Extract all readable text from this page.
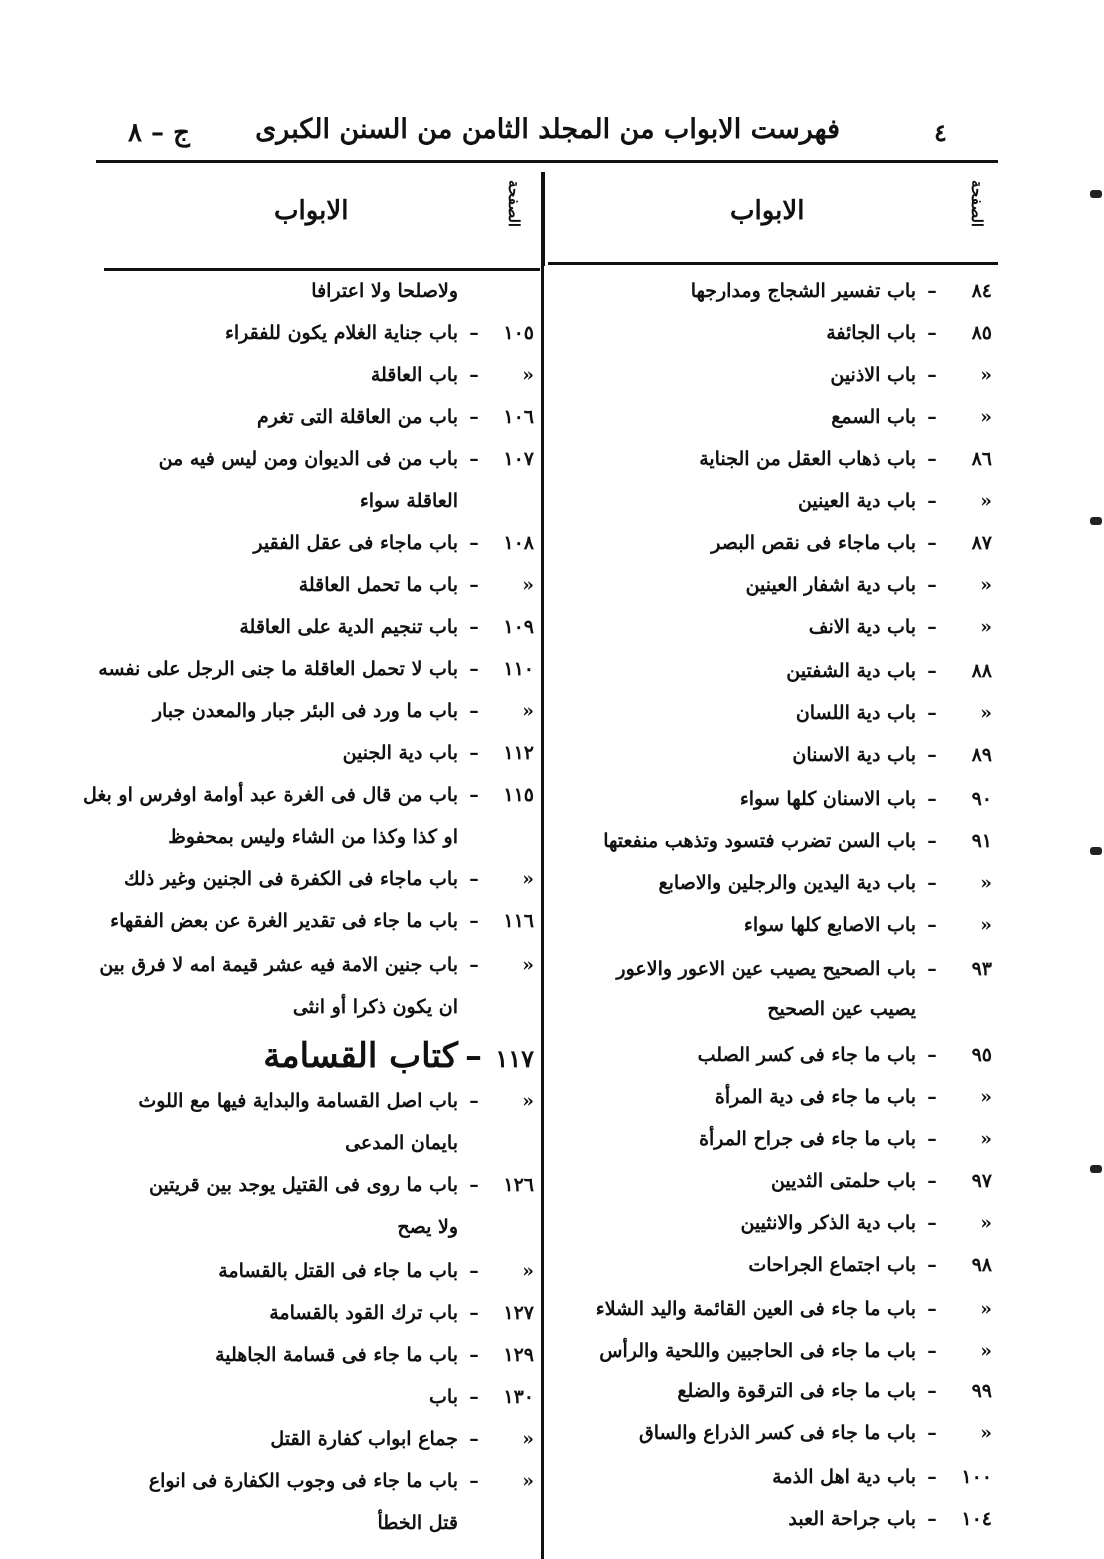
٤
فهرست الابواب من المجلد الثامن من السنن الكبرى
ج – ٨
الصفحة
الابواب
الصفحة
الابواب
٨٤
–
باب تفسير الشجاج ومدارجها
٨٥
–
باب الجائفة
«
–
باب الاذنين
«
–
باب السمع
٨٦
–
باب ذهاب العقل من الجناية
«
–
باب دية العينين
٨٧
–
باب ماجاء فى نقص البصر
«
–
باب دية اشفار العينين
«
–
باب دية الانف
٨٨
–
باب دية الشفتين
«
–
باب دية اللسان
٨٩
–
باب دية الاسنان
٩٠
–
باب الاسنان كلها سواء
٩١
–
باب السن تضرب فتسود وتذهب منفعتها
«
–
باب دية اليدين والرجلين والاصابع
«
–
باب الاصابع كلها سواء
٩٣
–
باب الصحيح يصيب عين الاعور والاعور
يصيب عين الصحيح
٩٥
–
باب ما جاء فى كسر الصلب
«
–
باب ما جاء فى دية المرأة
«
–
باب ما جاء فى جراح المرأة
٩٧
–
باب حلمتى الثديين
«
–
باب دية الذكر والانثيين
٩٨
–
باب اجتماع الجراحات
«
–
باب ما جاء فى العين القائمة واليد الشلاء
«
–
باب ما جاء فى الحاجبين واللحية والرأس
٩٩
–
باب ما جاء فى الترقوة والضلع
«
–
باب ما جاء فى كسر الذراع والساق
١٠٠
–
باب دية اهل الذمة
١٠٤
–
باب جراحة العبد
ولاصلحا ولا اعترافا
١٠٥
–
باب جناية الغلام يكون للفقراء
«
–
باب العاقلة
١٠٦
–
باب من العاقلة التى تغرم
١٠٧
–
باب من فى الديوان ومن ليس فيه من
العاقلة سواء
١٠٨
–
باب ماجاء فى عقل الفقير
«
–
باب ما تحمل العاقلة
١٠٩
–
باب تنجيم الدية على العاقلة
١١٠
–
باب لا تحمل العاقلة ما جنى الرجل على نفسه
«
–
باب ما ورد فى البئر جبار والمعدن جبار
١١٢
–
باب دية الجنين
١١٥
–
باب من قال فى الغرة عبد أوامة اوفرس او بغل
او كذا وكذا من الشاء وليس بمحفوظ
«
–
باب ماجاء فى الكفرة فى الجنين وغير ذلك
١١٦
–
باب ما جاء فى تقدير الغرة عن بعض الفقهاء
«
–
باب جنين الامة فيه عشر قيمة امه لا فرق بين
ان يكون ذكرا أو انثى
١١٧
–
كتاب القسامة
«
–
باب اصل القسامة والبداية فيها مع اللوث
بايمان المدعى
١٢٦
–
باب ما روى فى القتيل يوجد بين قريتين
ولا يصح
«
–
باب ما جاء فى القتل بالقسامة
١٢٧
–
باب ترك القود بالقسامة
١٢٩
–
باب ما جاء فى قسامة الجاهلية
١٣٠
–
باب
«
–
جماع ابواب كفارة القتل
«
–
باب ما جاء فى وجوب الكفارة فى انواع
قتل الخطأ
